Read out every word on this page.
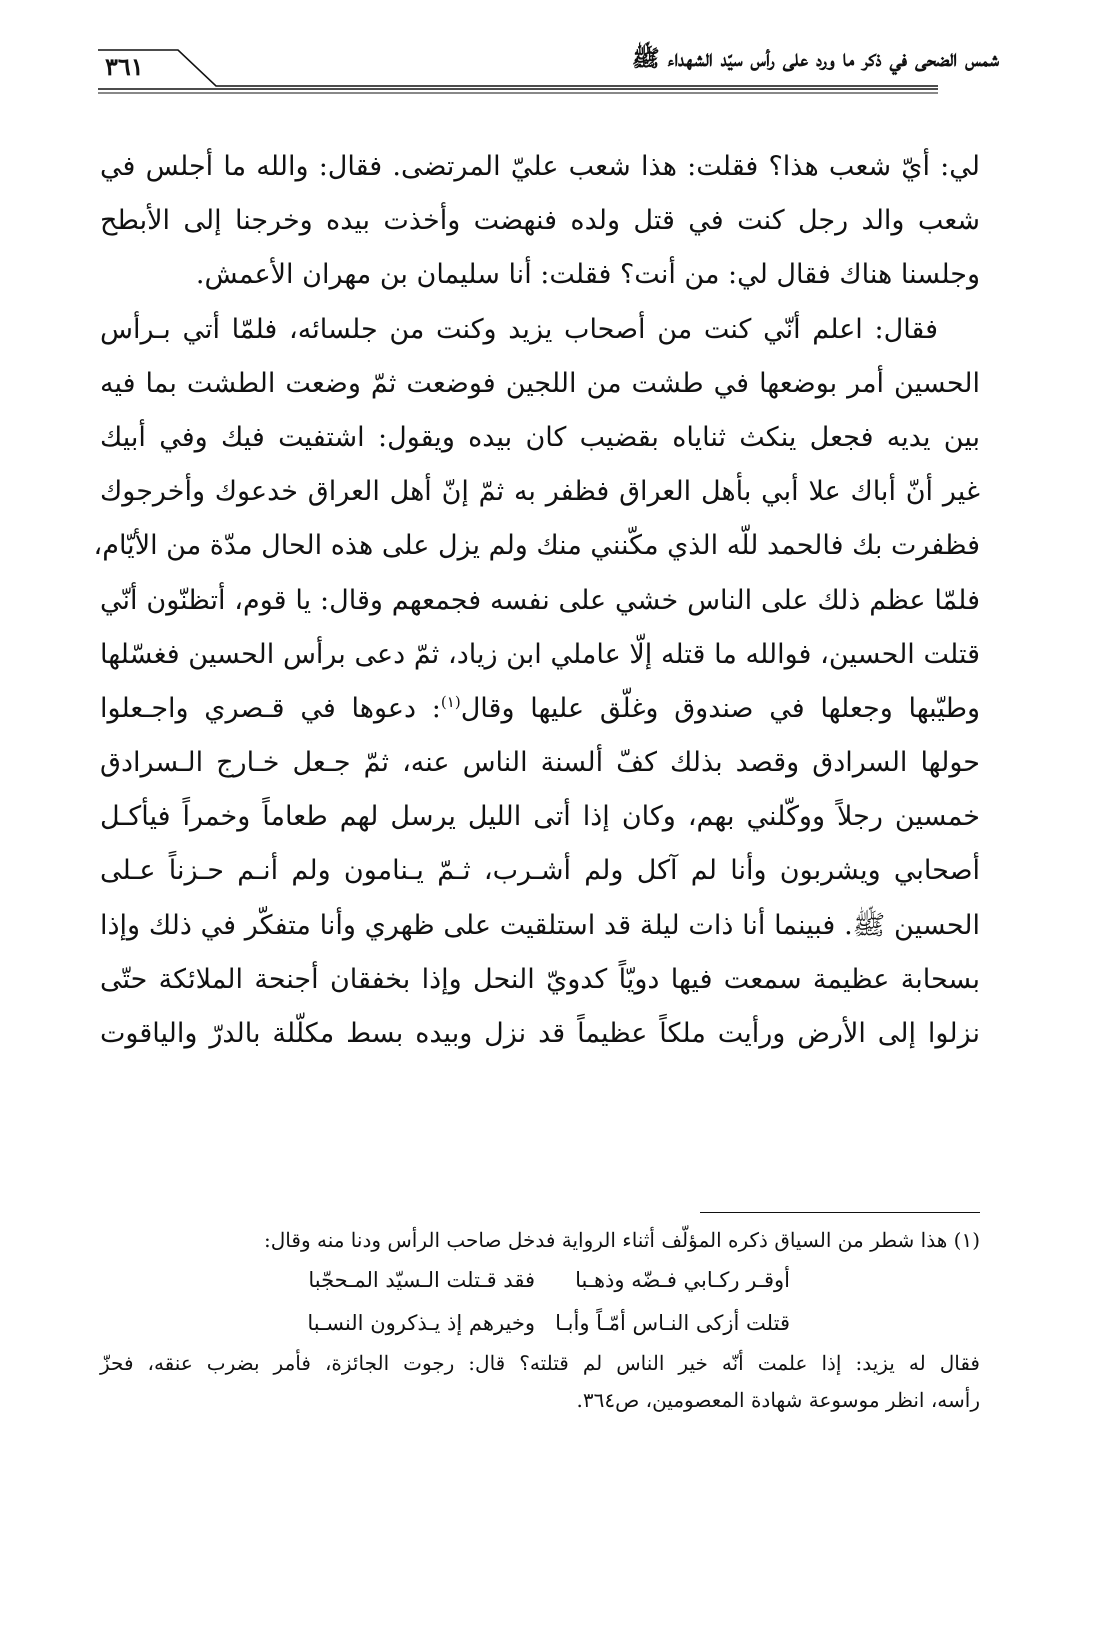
شمس الضحى في ذكر ما ورد على رأس سيّد الشهداء ﷺ
٣٦١
لي: أيّ شعب هذا؟ فقلت: هذا شعب عليّ المرتضى. فقال: والله ما أجلس في
شعب والد رجل كنت في قتل ولده فنهضت وأخذت بيده وخرجنا إلى الأبطح
وجلسنا هناك فقال لي: من أنت؟ فقلت: أنا سليمان بن مهران الأعمش.
فقال: اعلم أنّي كنت من أصحاب يزيد وكنت من جلسائه، فلمّا أتي بـرأس
الحسين أمر بوضعها في طشت من اللجين فوضعت ثمّ وضعت الطشت بما فيه
بين يديه فجعل ينكث ثناياه بقضيب كان بيده ويقول: اشتفيت فيك وفي أبيك
غير أنّ أباك علا أبي بأهل العراق فظفر به ثمّ إنّ أهل العراق خدعوك وأخرجوك
فظفرت بك فالحمد للّه الذي مكّنني منك ولم يزل على هذه الحال مدّة من الأيّام،
فلمّا عظم ذلك على الناس خشي على نفسه فجمعهم وقال: يا قوم، أتظنّون أنّي
قتلت الحسين، فوالله ما قتله إلّا عاملي ابن زياد، ثمّ دعى برأس الحسين فغسّلها
وطيّبها وجعلها في صندوق وغلّق عليها وقال$^{(١)}$: دعوها في قـصري واجـعلوا
حولها السرادق وقصد بذلك كفّ ألسنة الناس عنه، ثمّ جـعل خـارج الـسرادق
خمسين رجلاً ووكّلني بهم، وكان إذا أتى الليل يرسل لهم طعاماً وخمراً فيأكـل
أصحابي ويشربون وأنا لم آكل ولم أشـرب، ثـمّ يـنامون ولم أنـم حـزناً عـلى
الحسين ﷺ. فبينما أنا ذات ليلة قد استلقيت على ظهري وأنا متفكّر في ذلك وإذا
بسحابة عظيمة سمعت فيها دويّاً كدويّ النحل وإذا بخفقان أجنحة الملائكة حتّى
نزلوا إلى الأرض ورأيت ملكاً عظيماً قد نزل وبيده بسط مكلّلة بالدرّ والياقوت
(١) هذا شطر من السياق ذكره المؤلّف أثناء الرواية فدخل صاحب الرأس ودنا منه وقال:
أوقـر ركـابي فـضّه وذهـبا
فقد قـتلت الـسيّد المـحجّبا
قتلت أزكى النـاس أمّـاً وأبـا
وخيرهم إذ يـذكرون النسـبا
فقال له يزيد: إذا علمت أنّه خير الناس لم قتلته؟ قال: رجوت الجائزة، فأمر بضرب عنقه، فحزّ
رأسه، انظر موسوعة شهادة المعصومين، ص٣٦٤.
